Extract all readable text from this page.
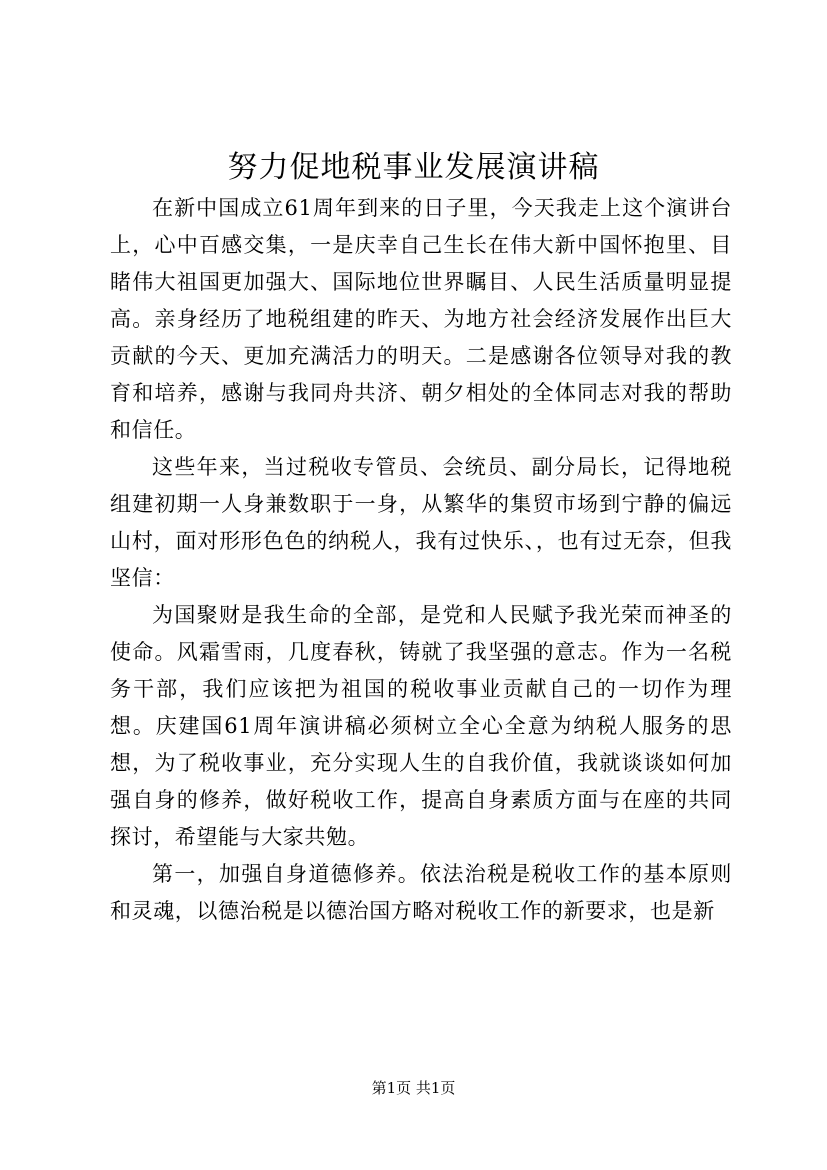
努力促地税事业发展演讲稿

在新中国成立61周年到来的日子里，今天我走上这个演讲台上，心中百感交集，一是庆幸自己生长在伟大新中国怀抱里、目睹伟大祖国更加强大、国际地位世界瞩目、人民生活质量明显提高。亲身经历了地税组建的昨天、为地方社会经济发展作出巨大贡献的今天、更加充满活力的明天。二是感谢各位领导对我的教育和培养，感谢与我同舟共济、朝夕相处的全体同志对我的帮助和信任。

这些年来，当过税收专管员、会统员、副分局长，记得地税组建初期一人身兼数职于一身，从繁华的集贸市场到宁静的偏远山村，面对形形色色的纳税人，我有过快乐、，也有过无奈，但我坚信：

为国聚财是我生命的全部，是党和人民赋予我光荣而神圣的使命。风霜雪雨，几度春秋，铸就了我坚强的意志。作为一名税务干部，我们应该把为祖国的税收事业贡献自己的一切作为理想。庆建国61周年演讲稿必须树立全心全意为纳税人服务的思想，为了税收事业，充分实现人生的自我价值，我就谈谈如何加强自身的修养，做好税收工作，提高自身素质方面与在座的共同探讨，希望能与大家共勉。

第一，加强自身道德修养。依法治税是税收工作的基本原则和灵魂，以德治税是以德治国方略对税收工作的新要求，也是新

第1页 共1页
